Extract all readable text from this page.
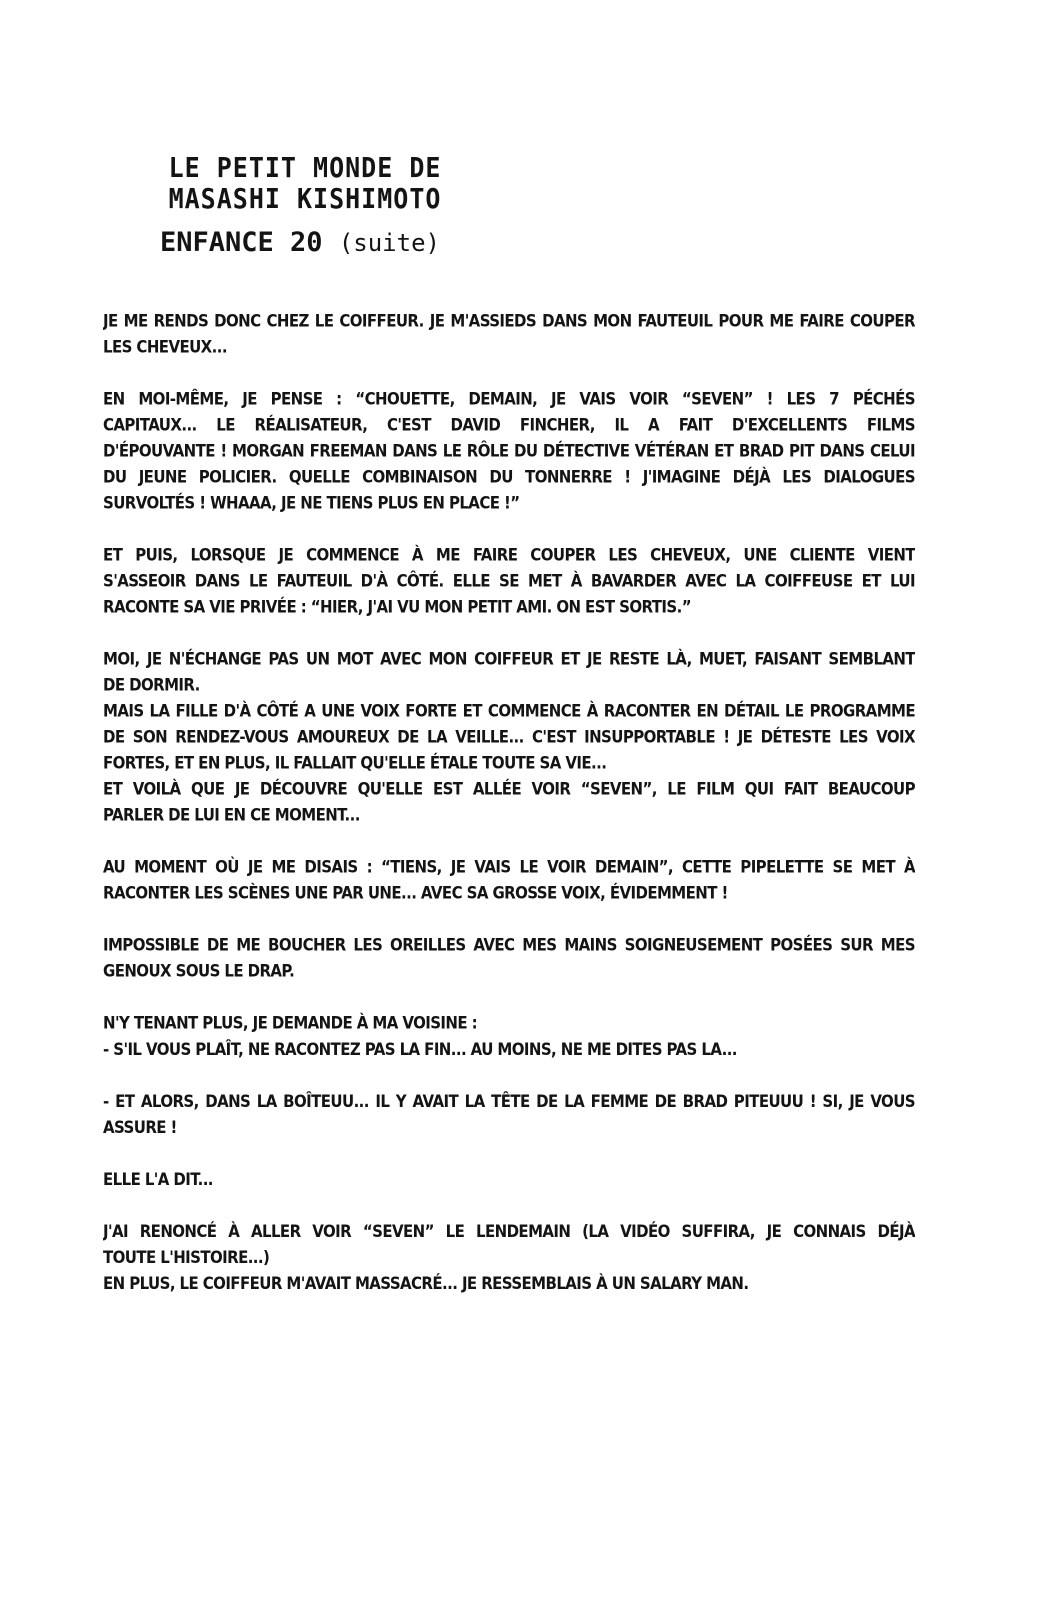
LE PETIT MONDE DE
MASASHI KISHIMOTO
ENFANCE 20 (suite)
JE ME RENDS DONC CHEZ LE COIFFEUR. JE M'ASSIEDS DANS MON FAUTEUIL POUR ME FAIRE COUPER
LES CHEVEUX...
EN MOI-MÊME, JE PENSE : “CHOUETTE, DEMAIN, JE VAIS VOIR “SEVEN” ! LES 7 PÉCHÉS
CAPITAUX... LE RÉALISATEUR, C'EST DAVID FINCHER, IL A FAIT D'EXCELLENTS FILMS
D'ÉPOUVANTE ! MORGAN FREEMAN DANS LE RÔLE DU DÉTECTIVE VÉTÉRAN ET BRAD PIT DANS CELUI
DU JEUNE POLICIER. QUELLE COMBINAISON DU TONNERRE ! J'IMAGINE DÉJÀ LES DIALOGUES
SURVOLTÉS ! WHAAA, JE NE TIENS PLUS EN PLACE !”
ET PUIS, LORSQUE JE COMMENCE À ME FAIRE COUPER LES CHEVEUX, UNE CLIENTE VIENT
S'ASSEOIR DANS LE FAUTEUIL D'À CÔTÉ. ELLE SE MET À BAVARDER AVEC LA COIFFEUSE ET LUI
RACONTE SA VIE PRIVÉE : “HIER, J'AI VU MON PETIT AMI. ON EST SORTIS.”
MOI, JE N'ÉCHANGE PAS UN MOT AVEC MON COIFFEUR ET JE RESTE LÀ, MUET, FAISANT SEMBLANT
DE DORMIR.
MAIS LA FILLE D'À CÔTÉ A UNE VOIX FORTE ET COMMENCE À RACONTER EN DÉTAIL LE PROGRAMME
DE SON RENDEZ-VOUS AMOUREUX DE LA VEILLE... C'EST INSUPPORTABLE ! JE DÉTESTE LES VOIX
FORTES, ET EN PLUS, IL FALLAIT QU'ELLE ÉTALE TOUTE SA VIE...
ET VOILÀ QUE JE DÉCOUVRE QU'ELLE EST ALLÉE VOIR “SEVEN”, LE FILM QUI FAIT BEAUCOUP
PARLER DE LUI EN CE MOMENT...
AU MOMENT OÙ JE ME DISAIS : “TIENS, JE VAIS LE VOIR DEMAIN”, CETTE PIPELETTE SE MET À
RACONTER LES SCÈNES UNE PAR UNE... AVEC SA GROSSE VOIX, ÉVIDEMMENT !
IMPOSSIBLE DE ME BOUCHER LES OREILLES AVEC MES MAINS SOIGNEUSEMENT POSÉES SUR MES
GENOUX SOUS LE DRAP.
N'Y TENANT PLUS, JE DEMANDE À MA VOISINE :
- S'IL VOUS PLAÎT, NE RACONTEZ PAS LA FIN... AU MOINS, NE ME DITES PAS LA...
- ET ALORS, DANS LA BOÎTEUU... IL Y AVAIT LA TÊTE DE LA FEMME DE BRAD PITEUUU ! SI, JE VOUS
ASSURE !
ELLE L'A DIT...
J'AI RENONCÉ À ALLER VOIR “SEVEN” LE LENDEMAIN (LA VIDÉO SUFFIRA, JE CONNAIS DÉJÀ
TOUTE L'HISTOIRE...)
EN PLUS, LE COIFFEUR M'AVAIT MASSACRÉ... JE RESSEMBLAIS À UN SALARY MAN.
